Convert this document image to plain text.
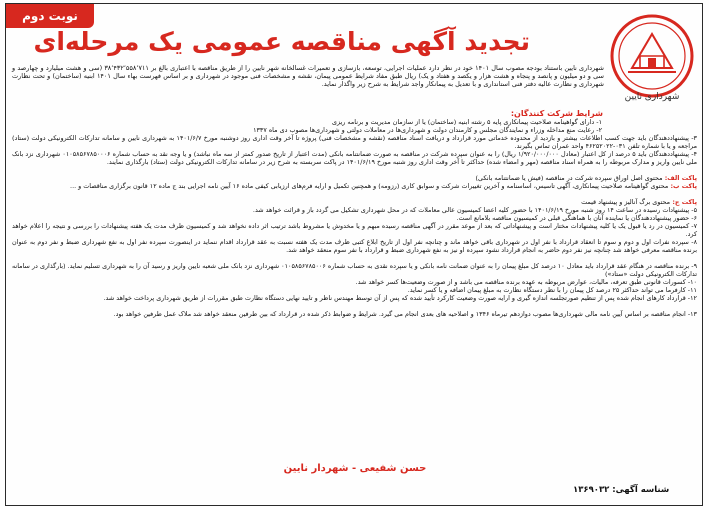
نوبت دوم
تجدید آگهی مناقصه عمومی یک مرحله‌ای
شهرداری نایین

شهرداری نایین باستناد بودجه مصوب سال ۱۴۰۱ خود در نظر دارد عملیات اجرایی، توسعه، بازسازی و تعمیرات غسالخانه شهر نایین را از طریق مناقصه با اعتباری بالغ بر ۳۸٬۴۳۲٬۵۵۸٬۷۱۱ (سی و هشت میلیارد و چهارصد و سی و دو میلیون و پانصد و پنجاه و هشت هزار و یکصد و هفتاد و یک) ریال طبق مفاد شرایط عمومی پیمان، نقشه و مشخصات فنی موجود در شهرداری و بر اساس فهرست بهاء سال ۱۴۰۱ ابنیه (ساختمان) و تحت نظارت شهرداری و نظارت عالیه دفتر فنی استانداری و با تعدیل به پیمانکار واجد شرایط به شرح زیر واگذار نماید.

شرایط شرکت کنندگان:
۱- دارای گواهینامه صلاحیت پیمانکاری پایه ۵ رشته ابنیه (ساختمان) یا از سازمان مدیریت و برنامه ریزی
۲- رعایت منع مداخله وزراء و نمایندگان مجلس و کارمندان دولت و شهرداری‌ها در معاملات دولتی و شهرداری‌ها مصوب دی ماه ۱۳۳۷
۳- پیشنهاددهندگان باید جهت کسب اطلاعات بیشتر و بازدید از محدوده خدماتی مورد قرارداد و دریافت اسناد مناقصه (نقشه و مشخصات فنی) پروژه تا آخر وقت اداری روز دوشنبه مورخ ۱۴۰۱/۶/۷ به شهرداری نایین و سامانه تدارکات الکترونیکی دولت (ستاد) مراجعه و یا با شماره تلفن ۰۳۱-۴۶۲۵۲۰۲۲ واحد عمران تماس بگیرند.
۴- پیشنهاددهندگان باید ۵ درصد از کل اعتبار (معادل ۱/۹۲۰/۰۰۰/۰۰۰ ریال) را به عنوان سپرده شرکت در مناقصه به صورت ضمانتنامه بانکی (مدت اعتبار از تاریخ صدور کمتر از سه ماه نباشد) و یا وجه نقد به حساب شماره ۰۱۰۵۸۵۶۷۸۵۰۰۰۶ شهرداری نزد بانک ملی نایین واریز و مدارک مربوطه را به همراه اسناد مناقصه (مهر و امضاء شده) حداکثر تا آخر وقت اداری روز شنبه مورخ ۱۴۰۱/۶/۱۹ در پاکت سربسته به شرح زیر در سامانه تدارکات الکترونیکی دولت (ستاد) بارگذاری نمایند.
پاکت الف: محتوی اصل اوراق سپرده شرکت در مناقصه (فیش یا ضمانتنامه بانکی)
پاکت ب: محتوی گواهینامه صلاحیت پیمانکاری، آگهی تاسیس، اساسنامه و آخرین تغییرات شرکت و سوابق کاری (رزومه) و همچنین تکمیل و ارایه فرم‌های ارزیابی کیفی ماده ۱۶ آیین نامه اجرایی بند ج ماده ۱۲ قانون برگزاری مناقصات و ...
پاکت ج: محتوی برگ آنالیز و پیشنهاد قیمت
۵- پیشنهادات رسیده در ساعت ۱۴ روز شنبه مورخ ۱۴۰۱/۶/۱۹ با حضور کلیه اعضا کمیسیون عالی معاملات که در محل شهرداری تشکیل می گردد باز و قرائت خواهد شد.
۶- حضور پیشنهاددهندگان یا نماینده آنان با هماهنگی قبلی در کمیسیون مناقصه بلامانع است.
۷- کمیسیون در رد یا قبول یک یا کلیه پیشنهادات مختار است و پیشنهاداتی که بعد از موعد مقرر در آگهی مناقصه رسیده مبهم و یا مخدوش یا مشروط باشد ترتیب اثر داده نخواهد شد و کمیسیون ظرف مدت یک هفته پیشنهادات را بررسی و نتیجه را اعلام خواهد کرد.
۸- سپرده نفرات اول و دوم و سوم تا انعقاد قرارداد با نفر اول در شهرداری باقی خواهد ماند و چنانچه نفر اول از تاریخ ابلاغ کتبی ظرف مدت یک هفته نسبت به عقد قرارداد اقدام ننماید در اینصورت سپرده نفر اول به نفع شهرداری ضبط و نفر دوم به عنوان برنده مناقصه معرفی خواهد شد چنانچه نیز نفر دوم حاضر به انجام قرارداد نشود سپرده او نیز به نفع شهرداری ضبط و قرارداد با نفر سوم منعقد خواهد شد.
۹- برنده مناقصه در هنگام عقد قرارداد باید معادل ۱۰ درصد کل مبلغ پیمان را به عنوان ضمانت نامه بانکی و یا سپرده نقدی به حساب شماره ۰۱۰۵۸۵۶۷۸۵۰۰۶ شهرداری نزد بانک ملی شعبه نایین واریز و رسید آن را به شهرداری تسلیم نماید. (بارگذاری در سامانه تدارکات الکترونیکی دولت «ستاد»)
۱۰- کسورات قانونی طبق تعرفه، مالیات، عوارض مربوطه به عهده برنده مناقصه می باشد و از صورت وضعیت‌ها کسر خواهد شد.
۱۱- کارفرما می تواند حداکثر ۲۵ درصد کل پیمان را با نظر دستگاه نظارت به مبلغ پیمان اضافه و یا کسر نماید.
۱۲- قرارداد کارهای انجام شده پس از تنظیم صورتجلسه اندازه گیری و ارایه صورت وضعیت کارکرد تأیید شده که پس از آن توسط مهندس ناظر و تایید نهایی دستگاه نظارت طبق مقررات از طریق شهرداری پرداخت خواهد شد.
۱۳- انجام مناقصه بر اساس آیین نامه مالی شهرداری‌ها مصوب دوازدهم تیرماه ۱۳۴۶ و اصلاحیه های بعدی انجام می گیرد. شرایط و ضوابط ذکر شده در قرارداد که بین طرفین منعقد خواهد شد ملاک عمل طرفین خواهد بود.
حسن شفیعی - شهردار نایین
شناسه آگهی: ۱۳۶۹۰۳۲
